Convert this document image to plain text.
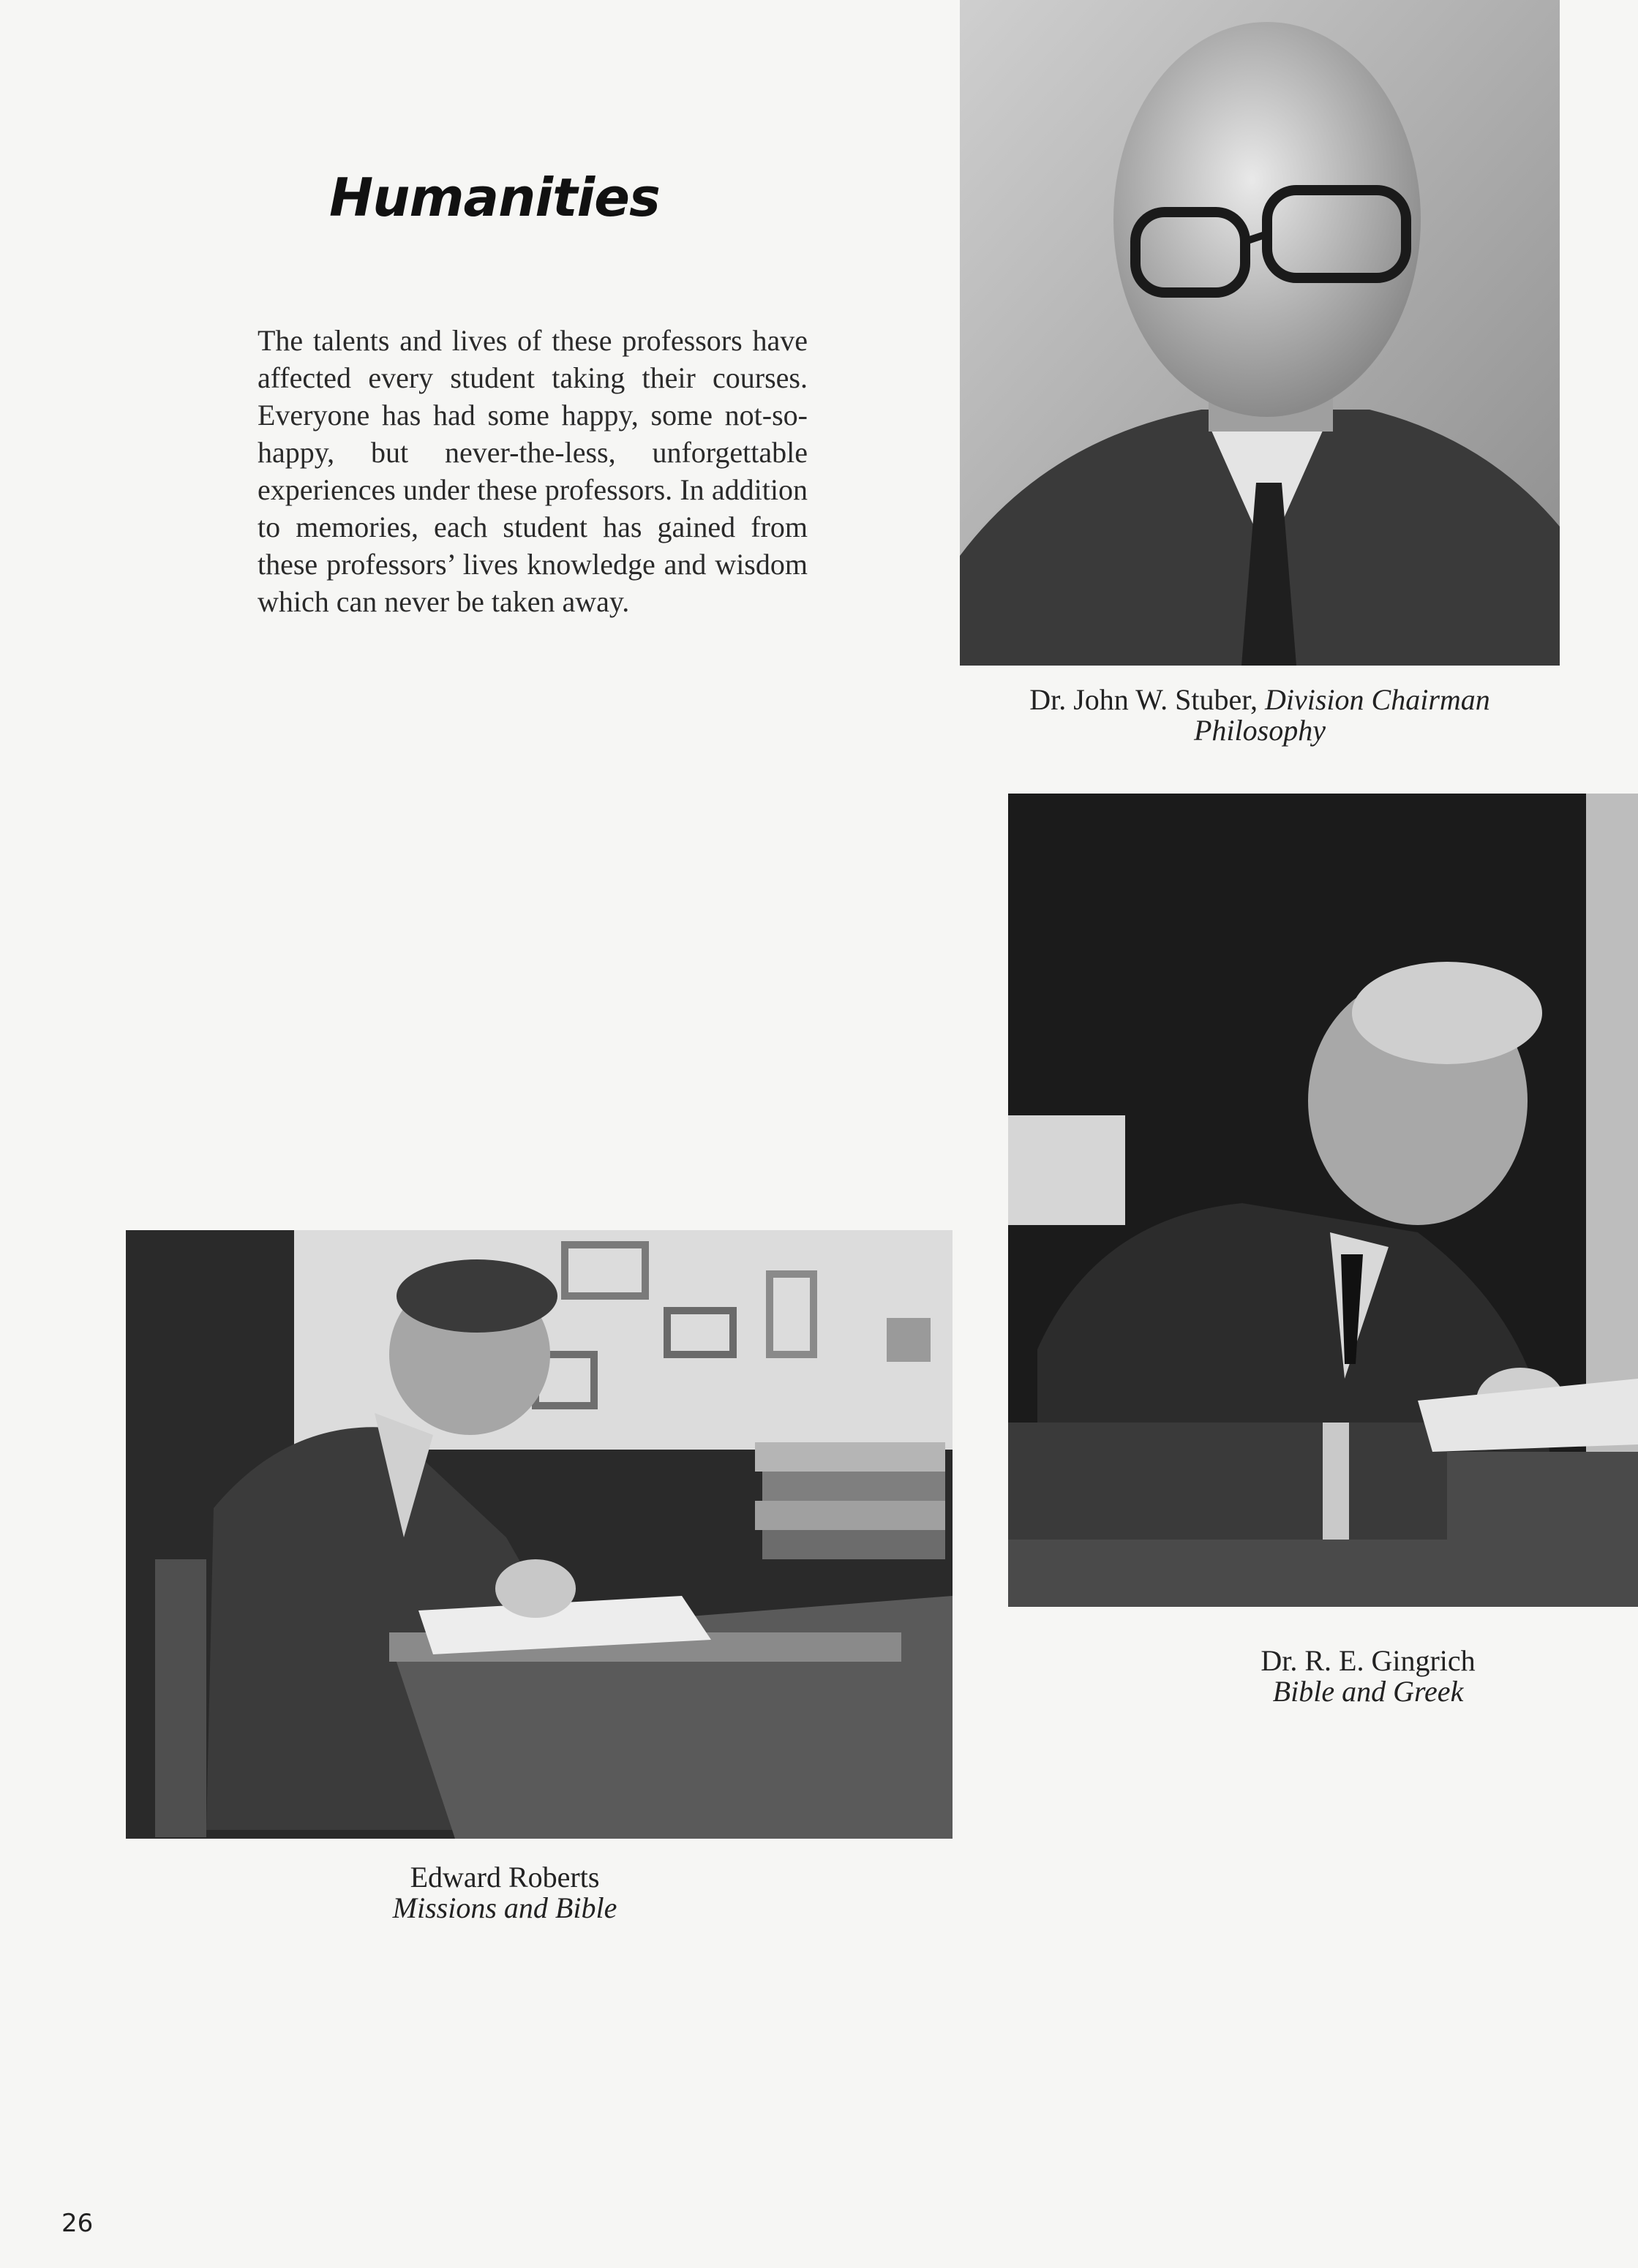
Humanities
The talents and lives of these professors have affected every student taking their courses. Everyone has had some happy, some not-so-happy, but never-the-less, unforgettable experiences under these professors. In addition to memories, each student has gained from these professors’ lives knowledge and wisdom which can never be taken away.
Dr. John W. Stuber, Division Chairman
Philosophy
Dr. R. E. Gingrich
Bible and Greek
Edward Roberts
Missions and Bible
26
